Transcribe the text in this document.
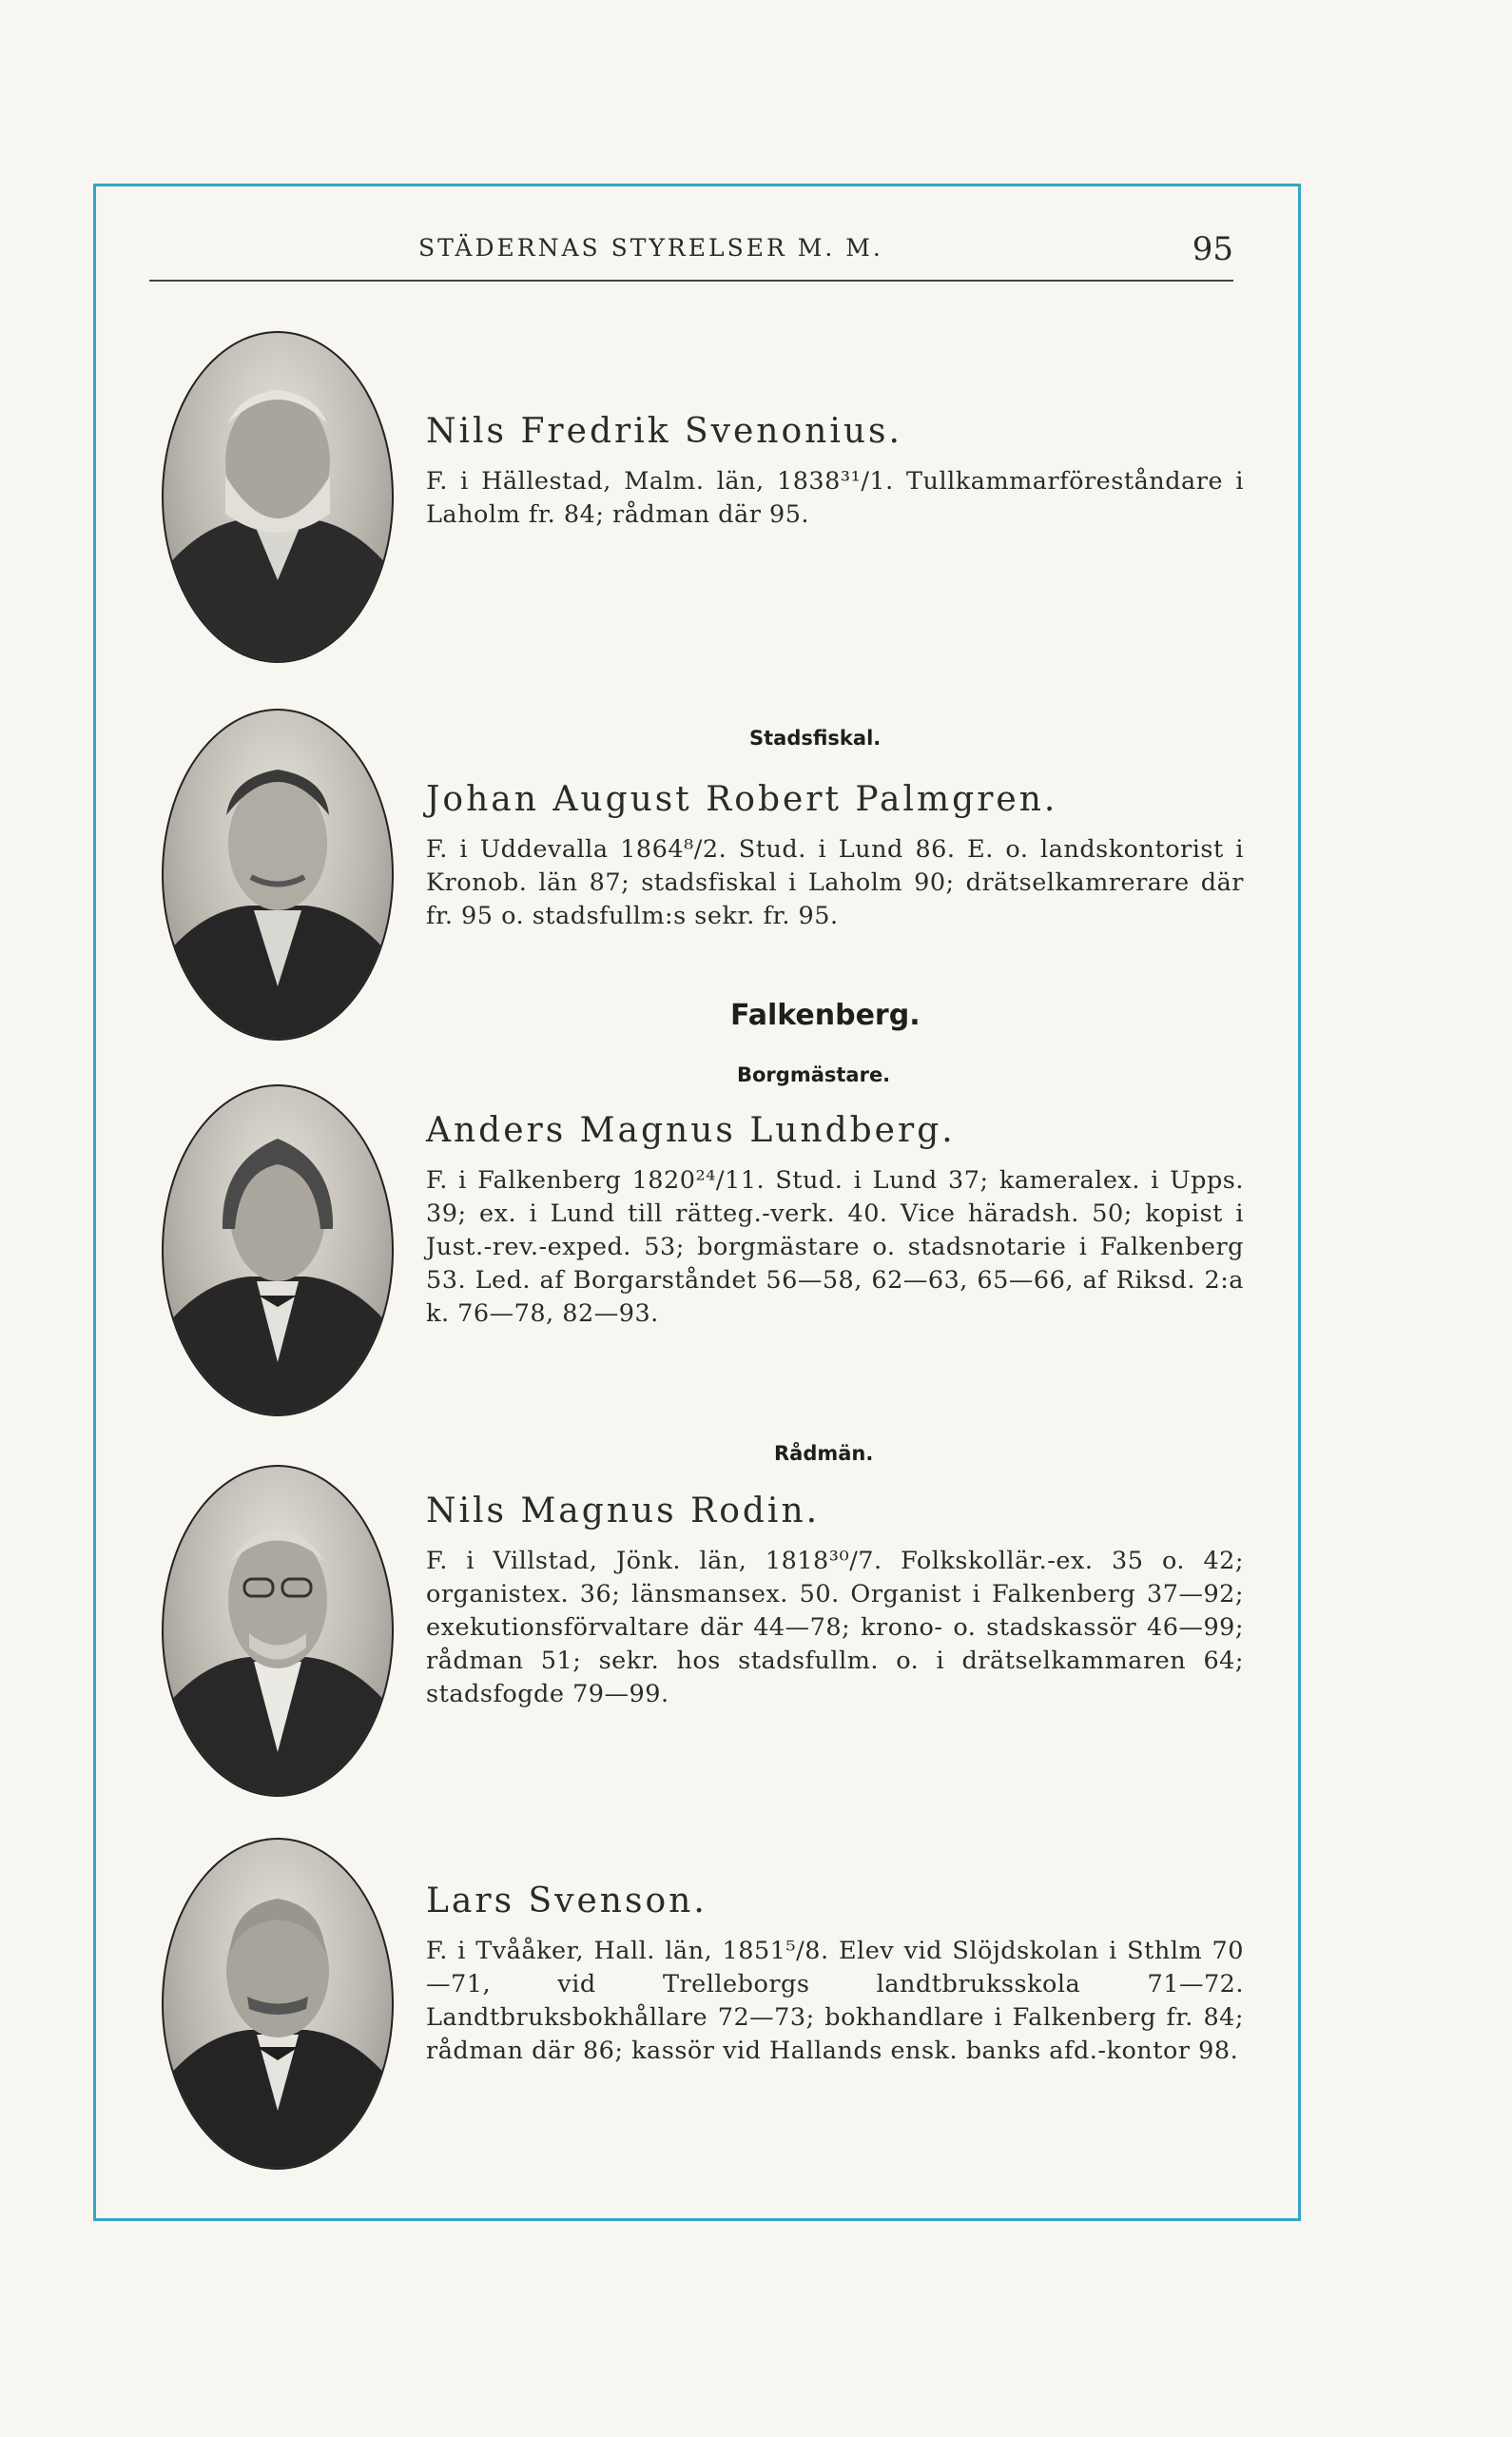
STÄDERNAS STYRELSER M. M.	95
Nils Fredrik Svenonius.
F. i Hällestad, Malm. län, 1838³¹/1. Tullkammarföreståndare i Laholm fr. 84; rådman där 95.
Stadsfiskal.
Johan August Robert Palmgren.
F. i Uddevalla 1864⁸/2. Stud. i Lund 86. E. o. landskontorist i Kronob. län 87; stadsfiskal i Laholm 90; drätselkamrerare där fr. 95 o. stadsfullm:s sekr. fr. 95.
Falkenberg.
Borgmästare.
Anders Magnus Lundberg.
F. i Falkenberg 1820²⁴/11. Stud. i Lund 37; kameralex. i Upps. 39; ex. i Lund till rätteg.-verk. 40. Vice häradsh. 50; kopist i Just.-rev.-exped. 53; borgmästare o. stadsnotarie i Falkenberg 53. Led. af Borgarståndet 56—58, 62—63, 65—66, af Riksd. 2:a k. 76—78, 82—93.
Rådmän.
Nils Magnus Rodin.
F. i Villstad, Jönk. län, 1818³⁰/7. Folkskollär.-ex. 35 o. 42; organistex. 36; länsmansex. 50. Organist i Falkenberg 37—92; exekutionsförvaltare där 44—78; krono- o. stadskassör 46—99; rådman 51; sekr. hos stadsfullm. o. i drätselkammaren 64; stadsfogde 79—99.
Lars Svenson.
F. i Tvååker, Hall. län, 1851⁵/8. Elev vid Slöjdskolan i Sthlm 70—71, vid Trelleborgs landtbruksskola 71—72. Landtbruksbokhållare 72—73; bokhandlare i Falkenberg fr. 84; rådman där 86; kassör vid Hallands ensk. banks afd.-kontor 98.
